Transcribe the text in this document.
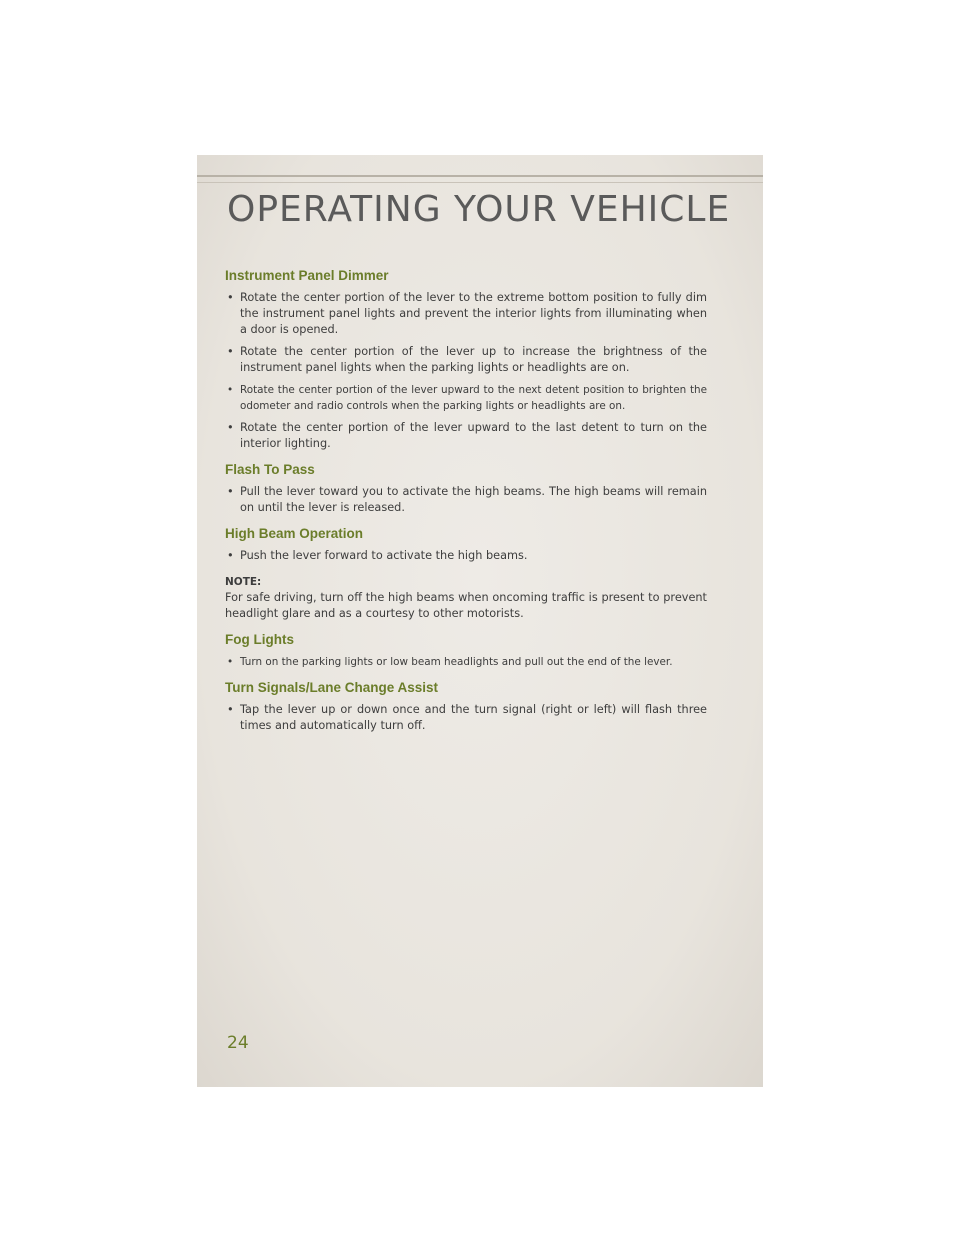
OPERATING YOUR VEHICLE
Instrument Panel Dimmer
• Rotate the center portion of the lever to the extreme bottom position to fully dim the instrument panel lights and prevent the interior lights from illuminating when a door is opened.
• Rotate the center portion of the lever up to increase the brightness of the instrument panel lights when the parking lights or headlights are on.
• Rotate the center portion of the lever upward to the next detent position to brighten the odometer and radio controls when the parking lights or headlights are on.
• Rotate the center portion of the lever upward to the last detent to turn on the interior lighting.
Flash To Pass
• Pull the lever toward you to activate the high beams. The high beams will remain on until the lever is released.
High Beam Operation
• Push the lever forward to activate the high beams.

NOTE:

For safe driving, turn off the high beams when oncoming traffic is present to prevent headlight glare and as a courtesy to other motorists.

Fog Lights
• Turn on the parking lights or low beam headlights and pull out the end of the lever.
Turn Signals/Lane Change Assist
• Tap the lever up or down once and the turn signal (right or left) will flash three times and automatically turn off.
24
